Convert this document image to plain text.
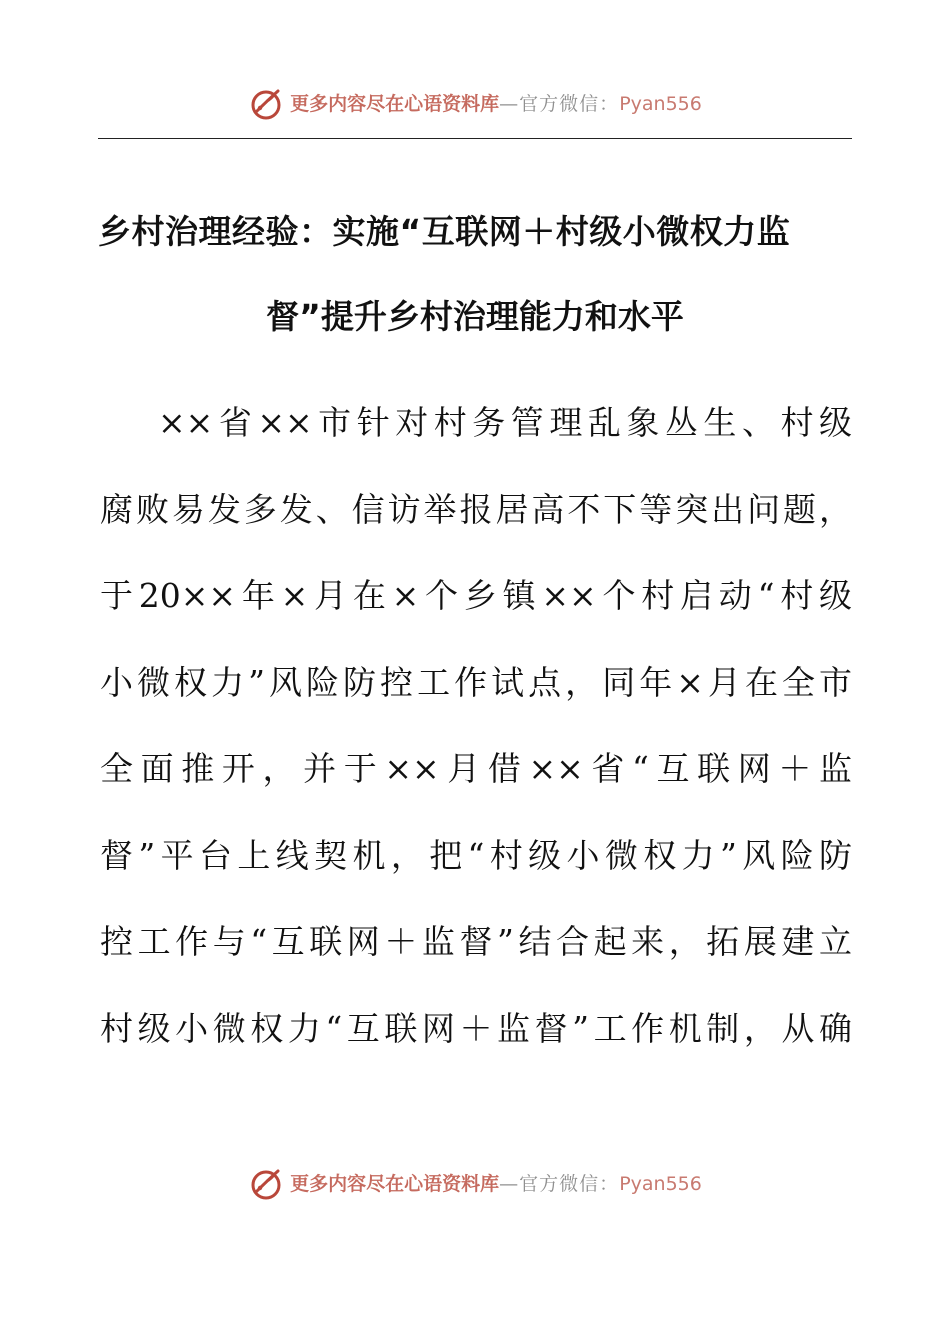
更多内容尽在心语资料库 —官方微信： Pyan556
乡村治理经验：实施“互联网＋村级小微权力监
督”提升乡村治理能力和水平
××省××市针对村务管理乱象丛生、村级
腐败易发多发、信访举报居高不下等突出问题，
于20××年×月在×个乡镇××个村启动“村级
小微权力”风险防控工作试点，同年×月在全市
全面推开，并于××月借××省“互联网＋监
督”平台上线契机，把“村级小微权力”风险防
控工作与“互联网＋监督”结合起来，拓展建立
村级小微权力“互联网＋监督”工作机制，从确
更多内容尽在心语资料库 —官方微信： Pyan556
